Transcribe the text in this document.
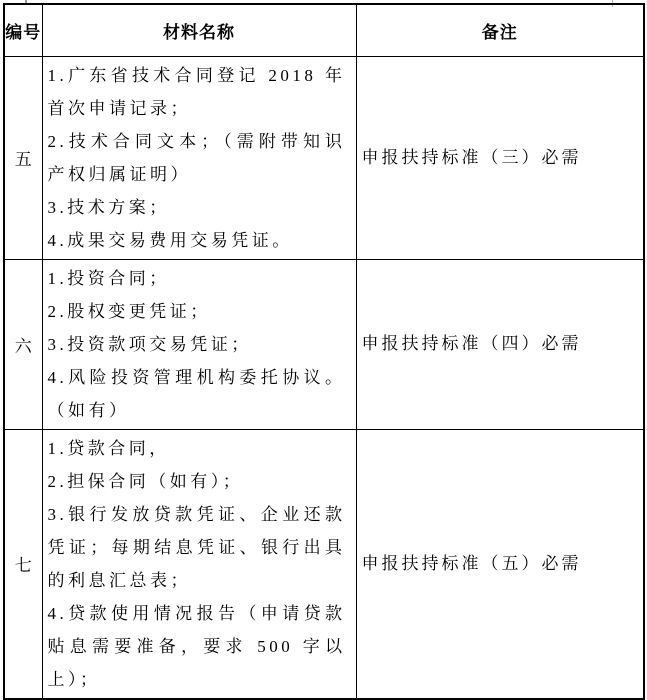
编号	材料名称	备注
五	1.广东省技术合同登记 2018 年首次申请记录；

2.技术合同文本；（需附带知识产权归属证明）

3.技术方案；

4.成果交易费用交易凭证。	申报扶持标准（三）必需
六	1.投资合同；

2.股权变更凭证；

3.投资款项交易凭证；

4.风险投资管理机构委托协议。（如有）	申报扶持标准（四）必需
七	1.贷款合同，

2.担保合同（如有）；

3.银行发放贷款凭证、企业还款凭证；每期结息凭证、银行出具的利息汇总表；

4.贷款使用情况报告（申请贷款贴息需要准备，要求 500 字以上）；	申报扶持标准（五）必需
